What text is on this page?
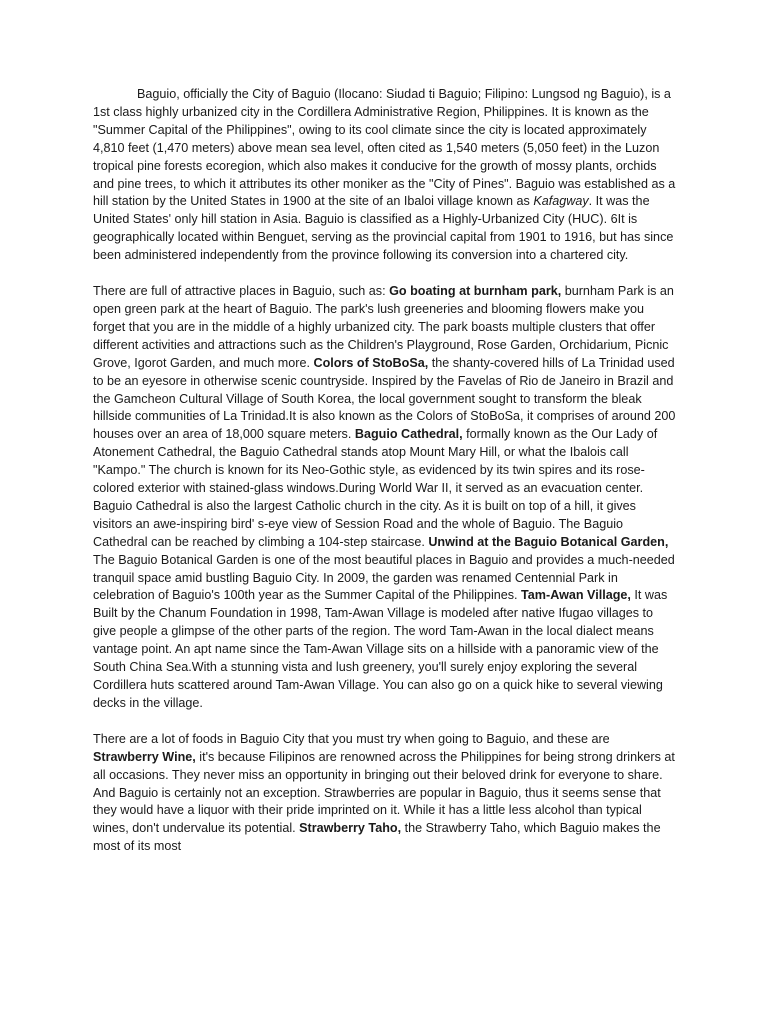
Baguio, officially the City of Baguio (Ilocano: Siudad ti Baguio; Filipino: Lungsod ng Baguio), is a 1st class highly urbanized city in the Cordillera Administrative Region, Philippines. It is known as the "Summer Capital of the Philippines", owing to its cool climate since the city is located approximately 4,810 feet (1,470 meters) above mean sea level, often cited as 1,540 meters (5,050 feet) in the Luzon tropical pine forests ecoregion, which also makes it conducive for the growth of mossy plants, orchids and pine trees, to which it attributes its other moniker as the "City of Pines". Baguio was established as a hill station by the United States in 1900 at the site of an Ibaloi village known as Kafagway. It was the United States' only hill station in Asia. Baguio is classified as a Highly-Urbanized City (HUC). 6It is geographically located within Benguet, serving as the provincial capital from 1901 to 1916, but has since been administered independently from the province following its conversion into a chartered city.

There are full of attractive places in Baguio, such as: Go boating at burnham park, burnham Park is an open green park at the heart of Baguio. The park's lush greeneries and blooming flowers make you forget that you are in the middle of a highly urbanized city. The park boasts multiple clusters that offer different activities and attractions such as the Children's Playground, Rose Garden, Orchidarium, Picnic Grove, Igorot Garden, and much more. Colors of StoBoSa, the shanty-covered hills of La Trinidad used to be an eyesore in otherwise scenic countryside. Inspired by the Favelas of Rio de Janeiro in Brazil and the Gamcheon Cultural Village of South Korea, the local government sought to transform the bleak hillside communities of La Trinidad.It is also known as the Colors of StoBoSa, it comprises of around 200 houses over an area of 18,000 square meters. Baguio Cathedral, formally known as the Our Lady of Atonement Cathedral, the Baguio Cathedral stands atop Mount Mary Hill, or what the Ibalois call "Kampo." The church is known for its Neo-Gothic style, as evidenced by its twin spires and its rose-colored exterior with stained-glass windows.During World War II, it served as an evacuation center. Baguio Cathedral is also the largest Catholic church in the city. As it is built on top of a hill, it gives visitors an awe-inspiring bird' s-eye view of Session Road and the whole of Baguio. The Baguio Cathedral can be reached by climbing a 104-step staircase. Unwind at the Baguio Botanical Garden, The Baguio Botanical Garden is one of the most beautiful places in Baguio and provides a much-needed tranquil space amid bustling Baguio City. In 2009, the garden was renamed Centennial Park in celebration of Baguio's 100th year as the Summer Capital of the Philippines. Tam-Awan Village, It was Built by the Chanum Foundation in 1998, Tam-Awan Village is modeled after native Ifugao villages to give people a glimpse of the other parts of the region. The word Tam-Awan in the local dialect means vantage point. An apt name since the Tam-Awan Village sits on a hillside with a panoramic view of the South China Sea.With a stunning vista and lush greenery, you'll surely enjoy exploring the several Cordillera huts scattered around Tam-Awan Village. You can also go on a quick hike to several viewing decks in the village.

There are a lot of foods in Baguio City that you must try when going to Baguio, and these are Strawberry Wine, it's because Filipinos are renowned across the Philippines for being strong drinkers at all occasions. They never miss an opportunity in bringing out their beloved drink for everyone to share. And Baguio is certainly not an exception. Strawberries are popular in Baguio, thus it seems sense that they would have a liquor with their pride imprinted on it. While it has a little less alcohol than typical wines, don't undervalue its potential. Strawberry Taho, the Strawberry Taho, which Baguio makes the most of its most
